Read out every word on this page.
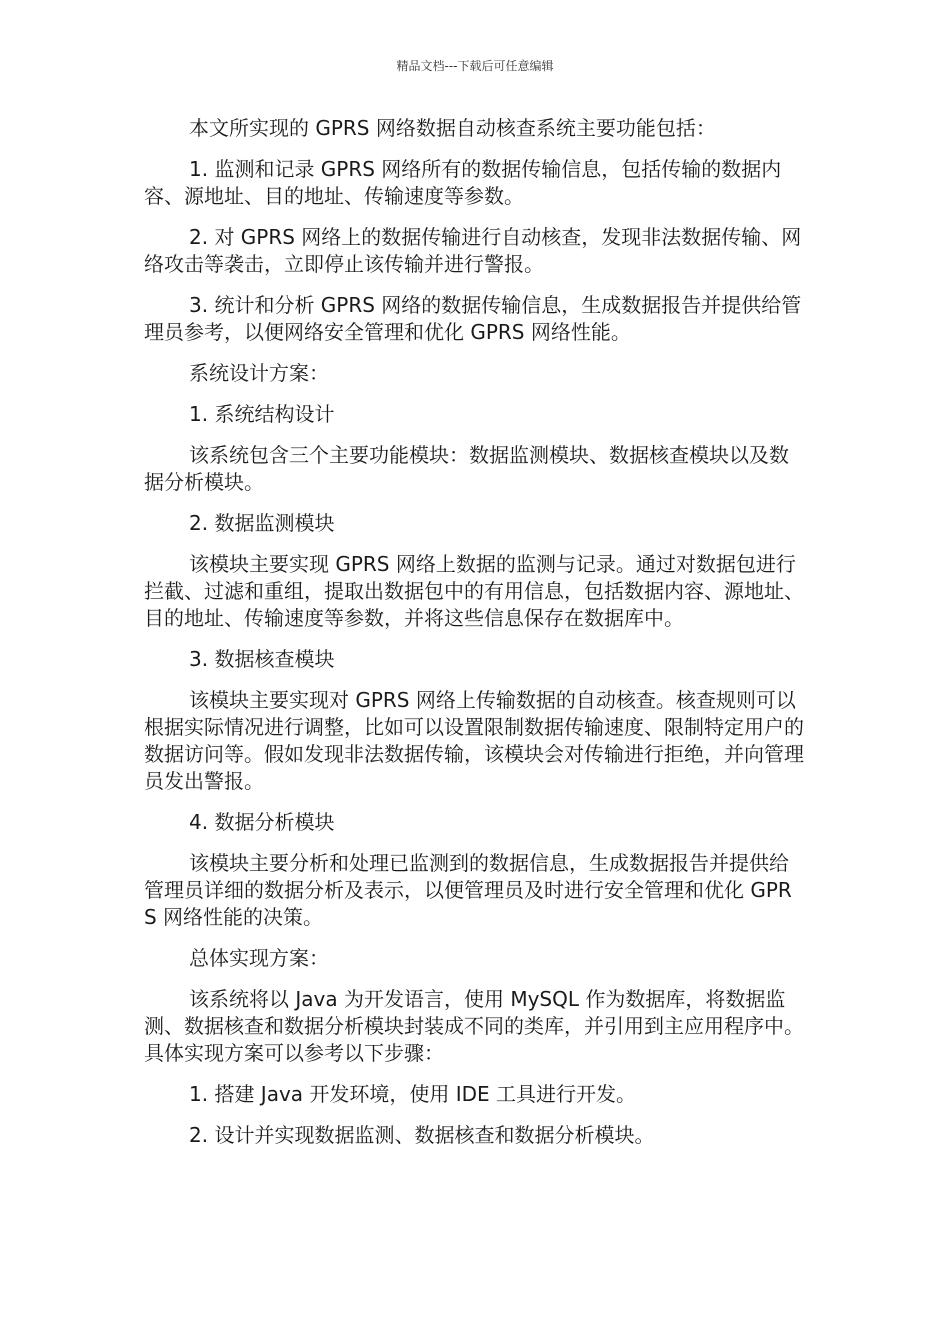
精品文档---下载后可任意编辑

本文所实现的 GPRS 网络数据自动核查系统主要功能包括：

1. 监测和记录 GPRS 网络所有的数据传输信息，包括传输的数据内容、源地址、目的地址、传输速度等参数。

2. 对 GPRS 网络上的数据传输进行自动核查，发现非法数据传输、网络攻击等袭击，立即停止该传输并进行警报。

3. 统计和分析 GPRS 网络的数据传输信息，生成数据报告并提供给管理员参考，以便网络安全管理和优化 GPRS 网络性能。

系统设计方案：

1. 系统结构设计

该系统包含三个主要功能模块：数据监测模块、数据核查模块以及数据分析模块。

2. 数据监测模块

该模块主要实现 GPRS 网络上数据的监测与记录。通过对数据包进行拦截、过滤和重组，提取出数据包中的有用信息，包括数据内容、源地址、目的地址、传输速度等参数，并将这些信息保存在数据库中。

3. 数据核查模块

该模块主要实现对 GPRS 网络上传输数据的自动核查。核查规则可以根据实际情况进行调整，比如可以设置限制数据传输速度、限制特定用户的数据访问等。假如发现非法数据传输，该模块会对传输进行拒绝，并向管理员发出警报。

4. 数据分析模块

该模块主要分析和处理已监测到的数据信息，生成数据报告并提供给管理员详细的数据分析及表示，以便管理员及时进行安全管理和优化 GPRS 网络性能的决策。

总体实现方案：

该系统将以 Java 为开发语言，使用 MySQL 作为数据库，将数据监测、数据核查和数据分析模块封装成不同的类库，并引用到主应用程序中。具体实现方案可以参考以下步骤：

1. 搭建 Java 开发环境，使用 IDE 工具进行开发。

2. 设计并实现数据监测、数据核查和数据分析模块。
